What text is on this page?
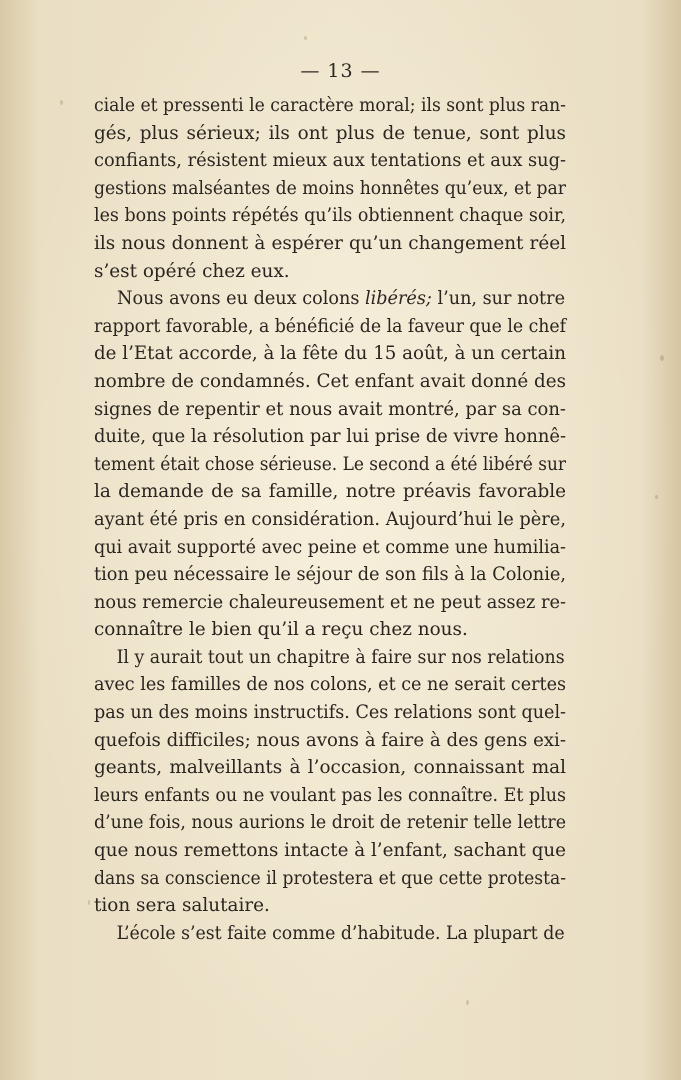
— 13 —
ciale et pressenti le caractère moral; ils sont plus ran-
gés, plus sérieux; ils ont plus de tenue, sont plus
confiants, résistent mieux aux tentations et aux sug-
gestions malséantes de moins honnêtes qu’eux, et par
les bons points répétés qu’ils obtiennent chaque soir,
ils nous donnent à espérer qu’un changement réel
s’est opéré chez eux.
Nous avons eu deux colons libérés; l’un, sur notre
rapport favorable, a bénéficié de la faveur que le chef
de l’Etat accorde, à la fête du 15 août, à un certain
nombre de condamnés. Cet enfant avait donné des
signes de repentir et nous avait montré, par sa con-
duite, que la résolution par lui prise de vivre honnê-
tement était chose sérieuse. Le second a été libéré sur
la demande de sa famille, notre préavis favorable
ayant été pris en considération. Aujourd’hui le père,
qui avait supporté avec peine et comme une humilia-
tion peu nécessaire le séjour de son fils à la Colonie,
nous remercie chaleureusement et ne peut assez re-
connaître le bien qu’il a reçu chez nous.
Il y aurait tout un chapitre à faire sur nos relations
avec les familles de nos colons, et ce ne serait certes
pas un des moins instructifs. Ces relations sont quel-
quefois difficiles; nous avons à faire à des gens exi-
geants, malveillants à l’occasion, connaissant mal
leurs enfants ou ne voulant pas les connaître. Et plus
d’une fois, nous aurions le droit de retenir telle lettre
que nous remettons intacte à l’enfant, sachant que
dans sa conscience il protestera et que cette protesta-
tion sera salutaire.
L’école s’est faite comme d’habitude. La plupart de
